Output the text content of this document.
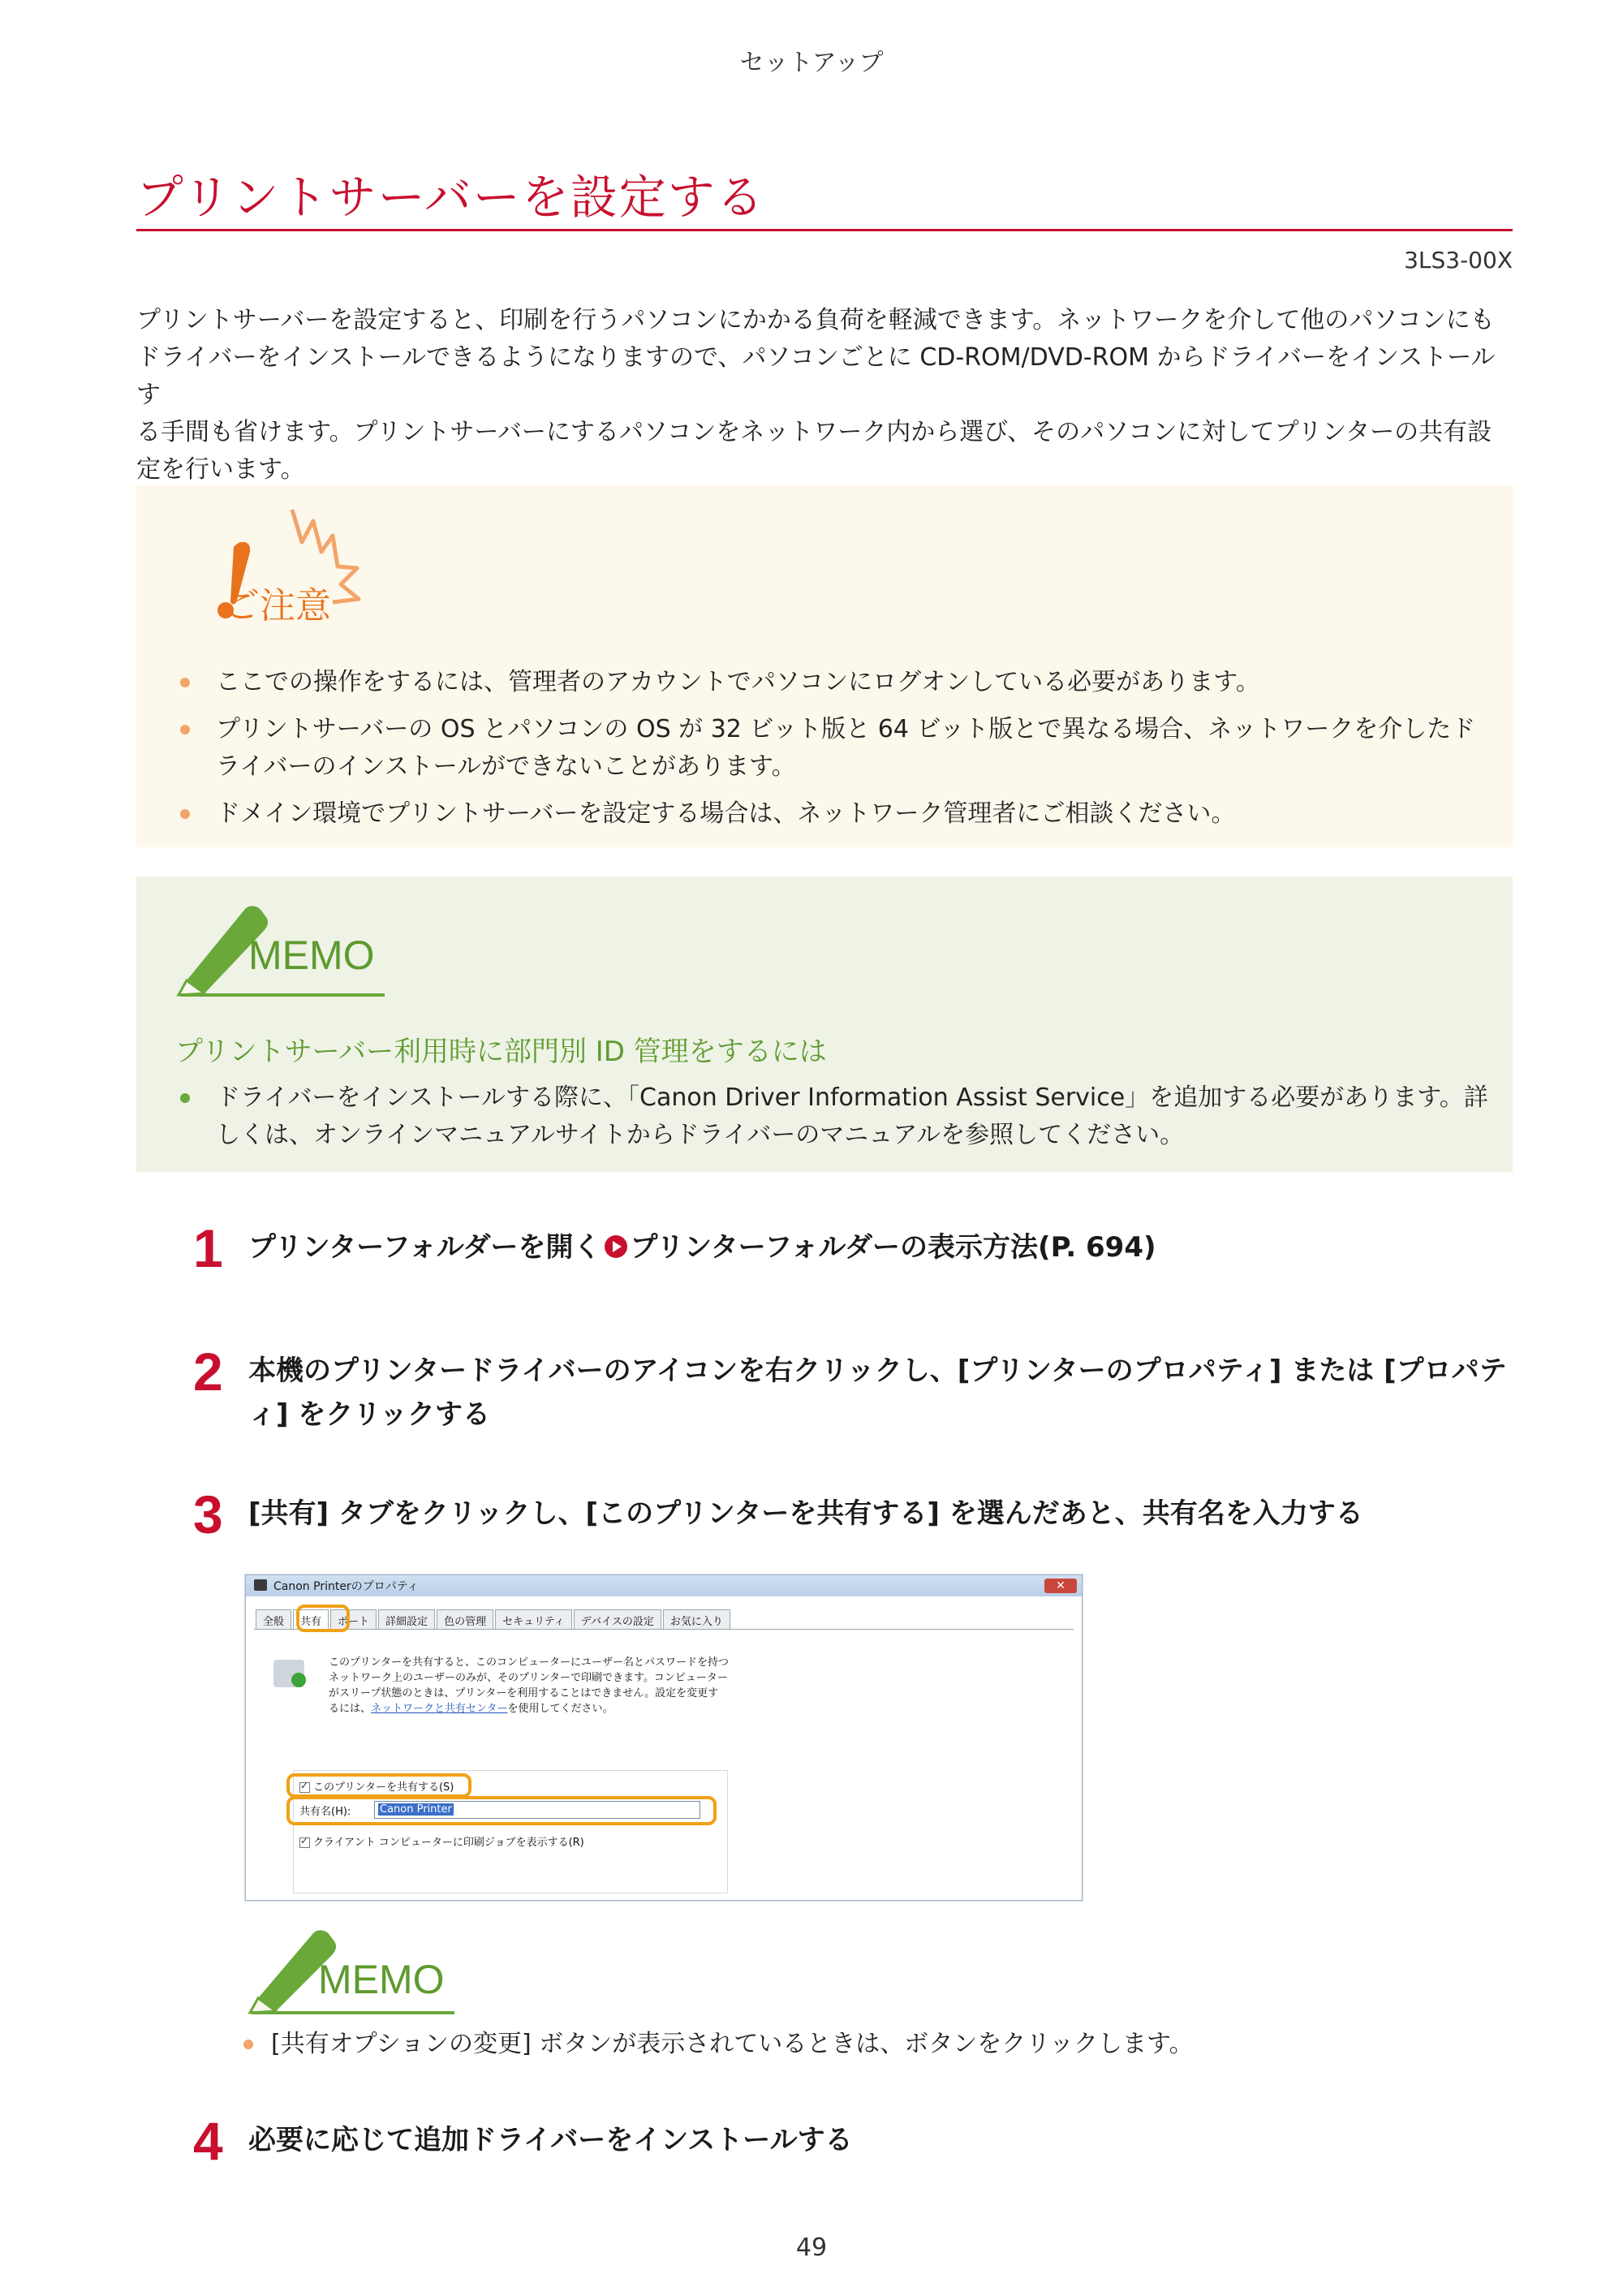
セットアップ
プリントサーバーを設定する
3LS3-00X

プリントサーバーを設定すると、印刷を行うパソコンにかかる負荷を軽減できます。ネットワークを介して他のパソコンにも

ドライバーをインストールできるようになりますので、パソコンごとに CD-ROM/DVD-ROM からドライバーをインストールす

る手間も省けます。プリントサーバーにするパソコンをネットワーク内から選び、そのパソコンに対してプリンターの共有設

定を行います。

ご注意
ここでの操作をするには、管理者のアカウントでパソコンにログオンしている必要があります。
プリントサーバーの OS とパソコンの OS が 32 ビット版と 64 ビット版とで異なる場合、ネットワークを介したドライバーのインストールができないことがあります。
ドメイン環境でプリントサーバーを設定する場合は、ネットワーク管理者にご相談ください。
MEMO
プリントサーバー利用時に部門別 ID 管理をするには
ドライバーをインストールする際に、「Canon Driver Information Assist Service」を追加する必要があります。詳しくは、オンラインマニュアルサイトからドライバーのマニュアルを参照してください。
1 プリンターフォルダーを開く プリンターフォルダーの表示方法(P. 694)
2 本機のプリンタードライバーのアイコンを右クリックし、[プリンターのプロパティ] または [プロパティ] をクリックする
3 [共有] タブをクリックし、[このプリンターを共有する] を選んだあと、共有名を入力する
Canon Printerのプロパティ	✕
全般	共有	ポート	詳細設定	色の管理	セキュリティ	デバイスの設定	お気に入り

このプリンターを共有すると、このコンピューターにユーザー名とパスワードを持つ

ネットワーク上のユーザーのみが、そのプリンターで印刷できます。コンピューター

がスリープ状態のときは、プリンターを利用することはできません。設定を変更す

るには、ネットワークと共有センターを使用してください。

✓このプリンターを共有する(S)
共有名(H):	Canon Printer
✓クライアント コンピューターに印刷ジョブを表示する(R)
MEMO
[共有オプションの変更] ボタンが表示されているときは、ボタンをクリックします。
4 必要に応じて追加ドライバーをインストールする
49
